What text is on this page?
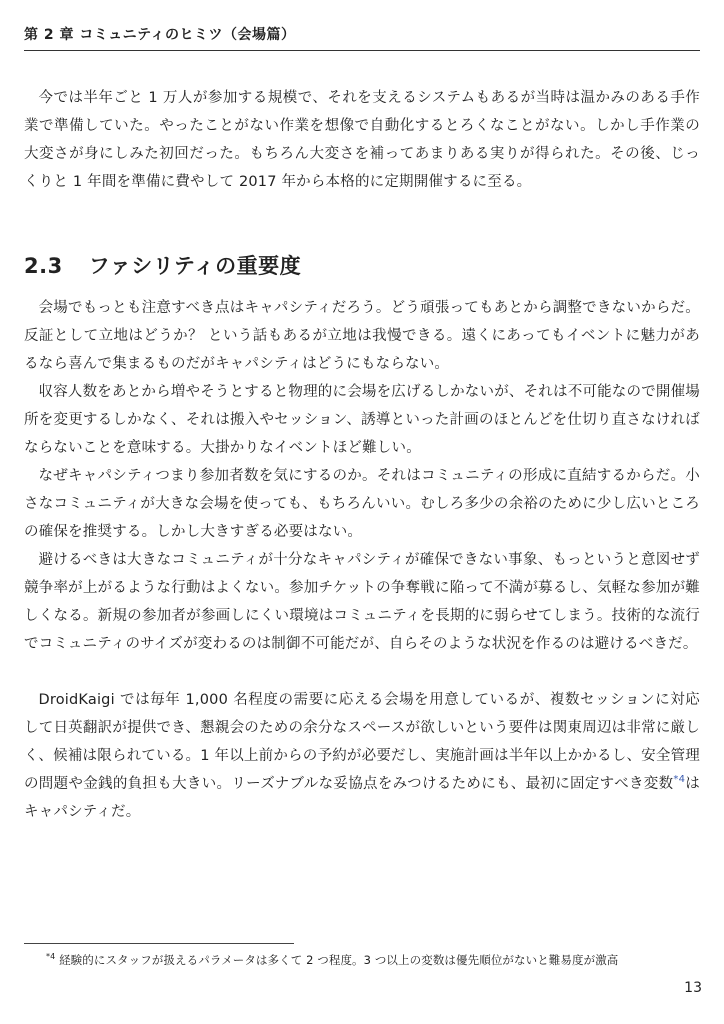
第 2 章 コミュニティのヒミツ（会場篇）

今では半年ごと 1 万人が参加する規模で、それを支えるシステムもあるが当時は温かみのある手作業で準備していた。やったことがない作業を想像で自動化するとろくなことがない。しかし手作業の大変さが身にしみた初回だった。もちろん大変さを補ってあまりある実りが得られた。その後、じっくりと 1 年間を準備に費やして 2017 年から本格的に定期開催するに至る。

2.3 ファシリティの重要度

会場でもっとも注意すべき点はキャパシティだろう。どう頑張ってもあとから調整できないからだ。反証として立地はどうか？ という話もあるが立地は我慢できる。遠くにあってもイベントに魅力があるなら喜んで集まるものだがキャパシティはどうにもならない。

収容人数をあとから増やそうとすると物理的に会場を広げるしかないが、それは不可能なので開催場所を変更するしかなく、それは搬入やセッション、誘導といった計画のほとんどを仕切り直さなければならないことを意味する。大掛かりなイベントほど難しい。

なぜキャパシティつまり参加者数を気にするのか。それはコミュニティの形成に直結するからだ。小さなコミュニティが大きな会場を使っても、もちろんいい。むしろ多少の余裕のために少し広いところの確保を推奨する。しかし大きすぎる必要はない。

避けるべきは大きなコミュニティが十分なキャパシティが確保できない事象、もっというと意図せず競争率が上がるような行動はよくない。参加チケットの争奪戦に陥って不満が募るし、気軽な参加が難しくなる。新規の参加者が参画しにくい環境はコミュニティを長期的に弱らせてしまう。技術的な流行でコミュニティのサイズが変わるのは制御不可能だが、自らそのような状況を作るのは避けるべきだ。

DroidKaigi では毎年 1,000 名程度の需要に応える会場を用意しているが、複数セッションに対応して日英翻訳が提供でき、懇親会のための余分なスペースが欲しいという要件は関東周辺は非常に厳しく、候補は限られている。1 年以上前からの予約が必要だし、実施計画は半年以上かかるし、安全管理の問題や金銭的負担も大きい。リーズナブルな妥協点をみつけるためにも、最初に固定すべき変数$^{*4}$はキャパシティだ。

$^{*4}$ 経験的にスタッフが扱えるパラメータは多くて 2 つ程度。3 つ以上の変数は優先順位がないと難易度が激高
13
